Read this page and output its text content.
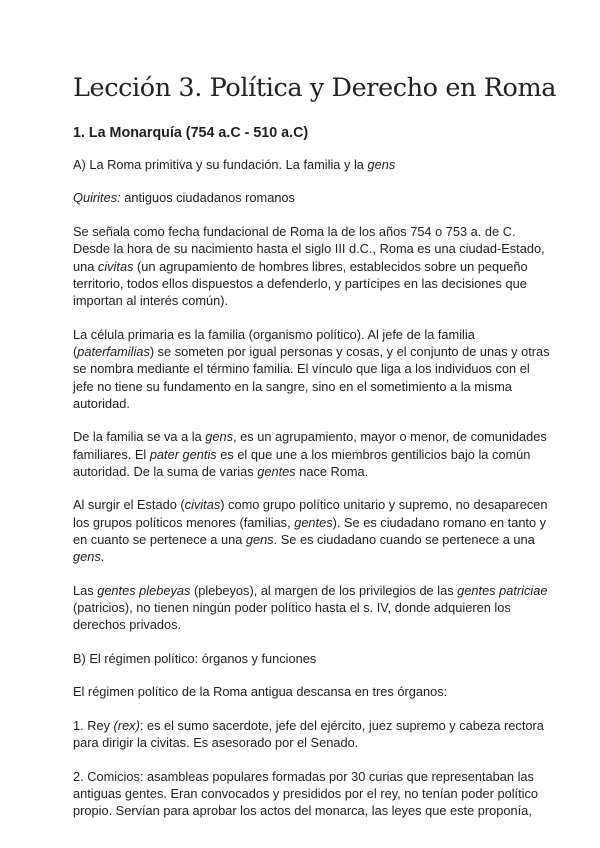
Lección 3. Política y Derecho en Roma
1. La Monarquía (754 a.C - 510 a.C)

A) La Roma primitiva y su fundación. La familia y la gens

Quirites: antiguos ciudadanos romanos

Se señala como fecha fundacional de Roma la de los años 754 o 753 a. de C. Desde la hora de su nacimiento hasta el siglo III d.C., Roma es una ciudad-Estado, una civitas (un agrupamiento de hombres libres, establecidos sobre un pequeño territorio, todos ellos dispuestos a defenderlo, y partícipes en las decisiones que importan al interés común).

La célula primaria es la familia (organismo político). Al jefe de la familia (paterfamilias) se someten por igual personas y cosas, y el conjunto de unas y otras se nombra mediante el término familia. El vínculo que liga a los individuos con el jefe no tiene su fundamento en la sangre, sino en el sometimiento a la misma autoridad.

De la familia se va a la gens, es un agrupamiento, mayor o menor, de comunidades familiares. El pater gentis es el que une a los miembros gentilicios bajo la común autoridad. De la suma de varias gentes nace Roma.

Al surgir el Estado (civitas) como grupo político unitario y supremo, no desaparecen los grupos políticos menores (familias, gentes). Se es ciudadano romano en tanto y en cuanto se pertenece a una gens. Se es ciudadano cuando se pertenece a una gens.

Las gentes plebeyas (plebeyos), al margen de los privilegios de las gentes patriciae (patricios), no tienen ningún poder político hasta el s. IV, donde adquieren los derechos privados.

B) El régimen político: órganos y funciones

El régimen político de la Roma antigua descansa en tres órganos:

1. Rey (rex): es el sumo sacerdote, jefe del ejército, juez supremo y cabeza rectora para dirigir la civitas. Es asesorado por el Senado.

2. Comicios: asambleas populares formadas por 30 curias que representaban las antiguas gentes. Eran convocados y presididos por el rey, no tenían poder político propio. Servían para aprobar los actos del monarca, las leyes que este proponía,
